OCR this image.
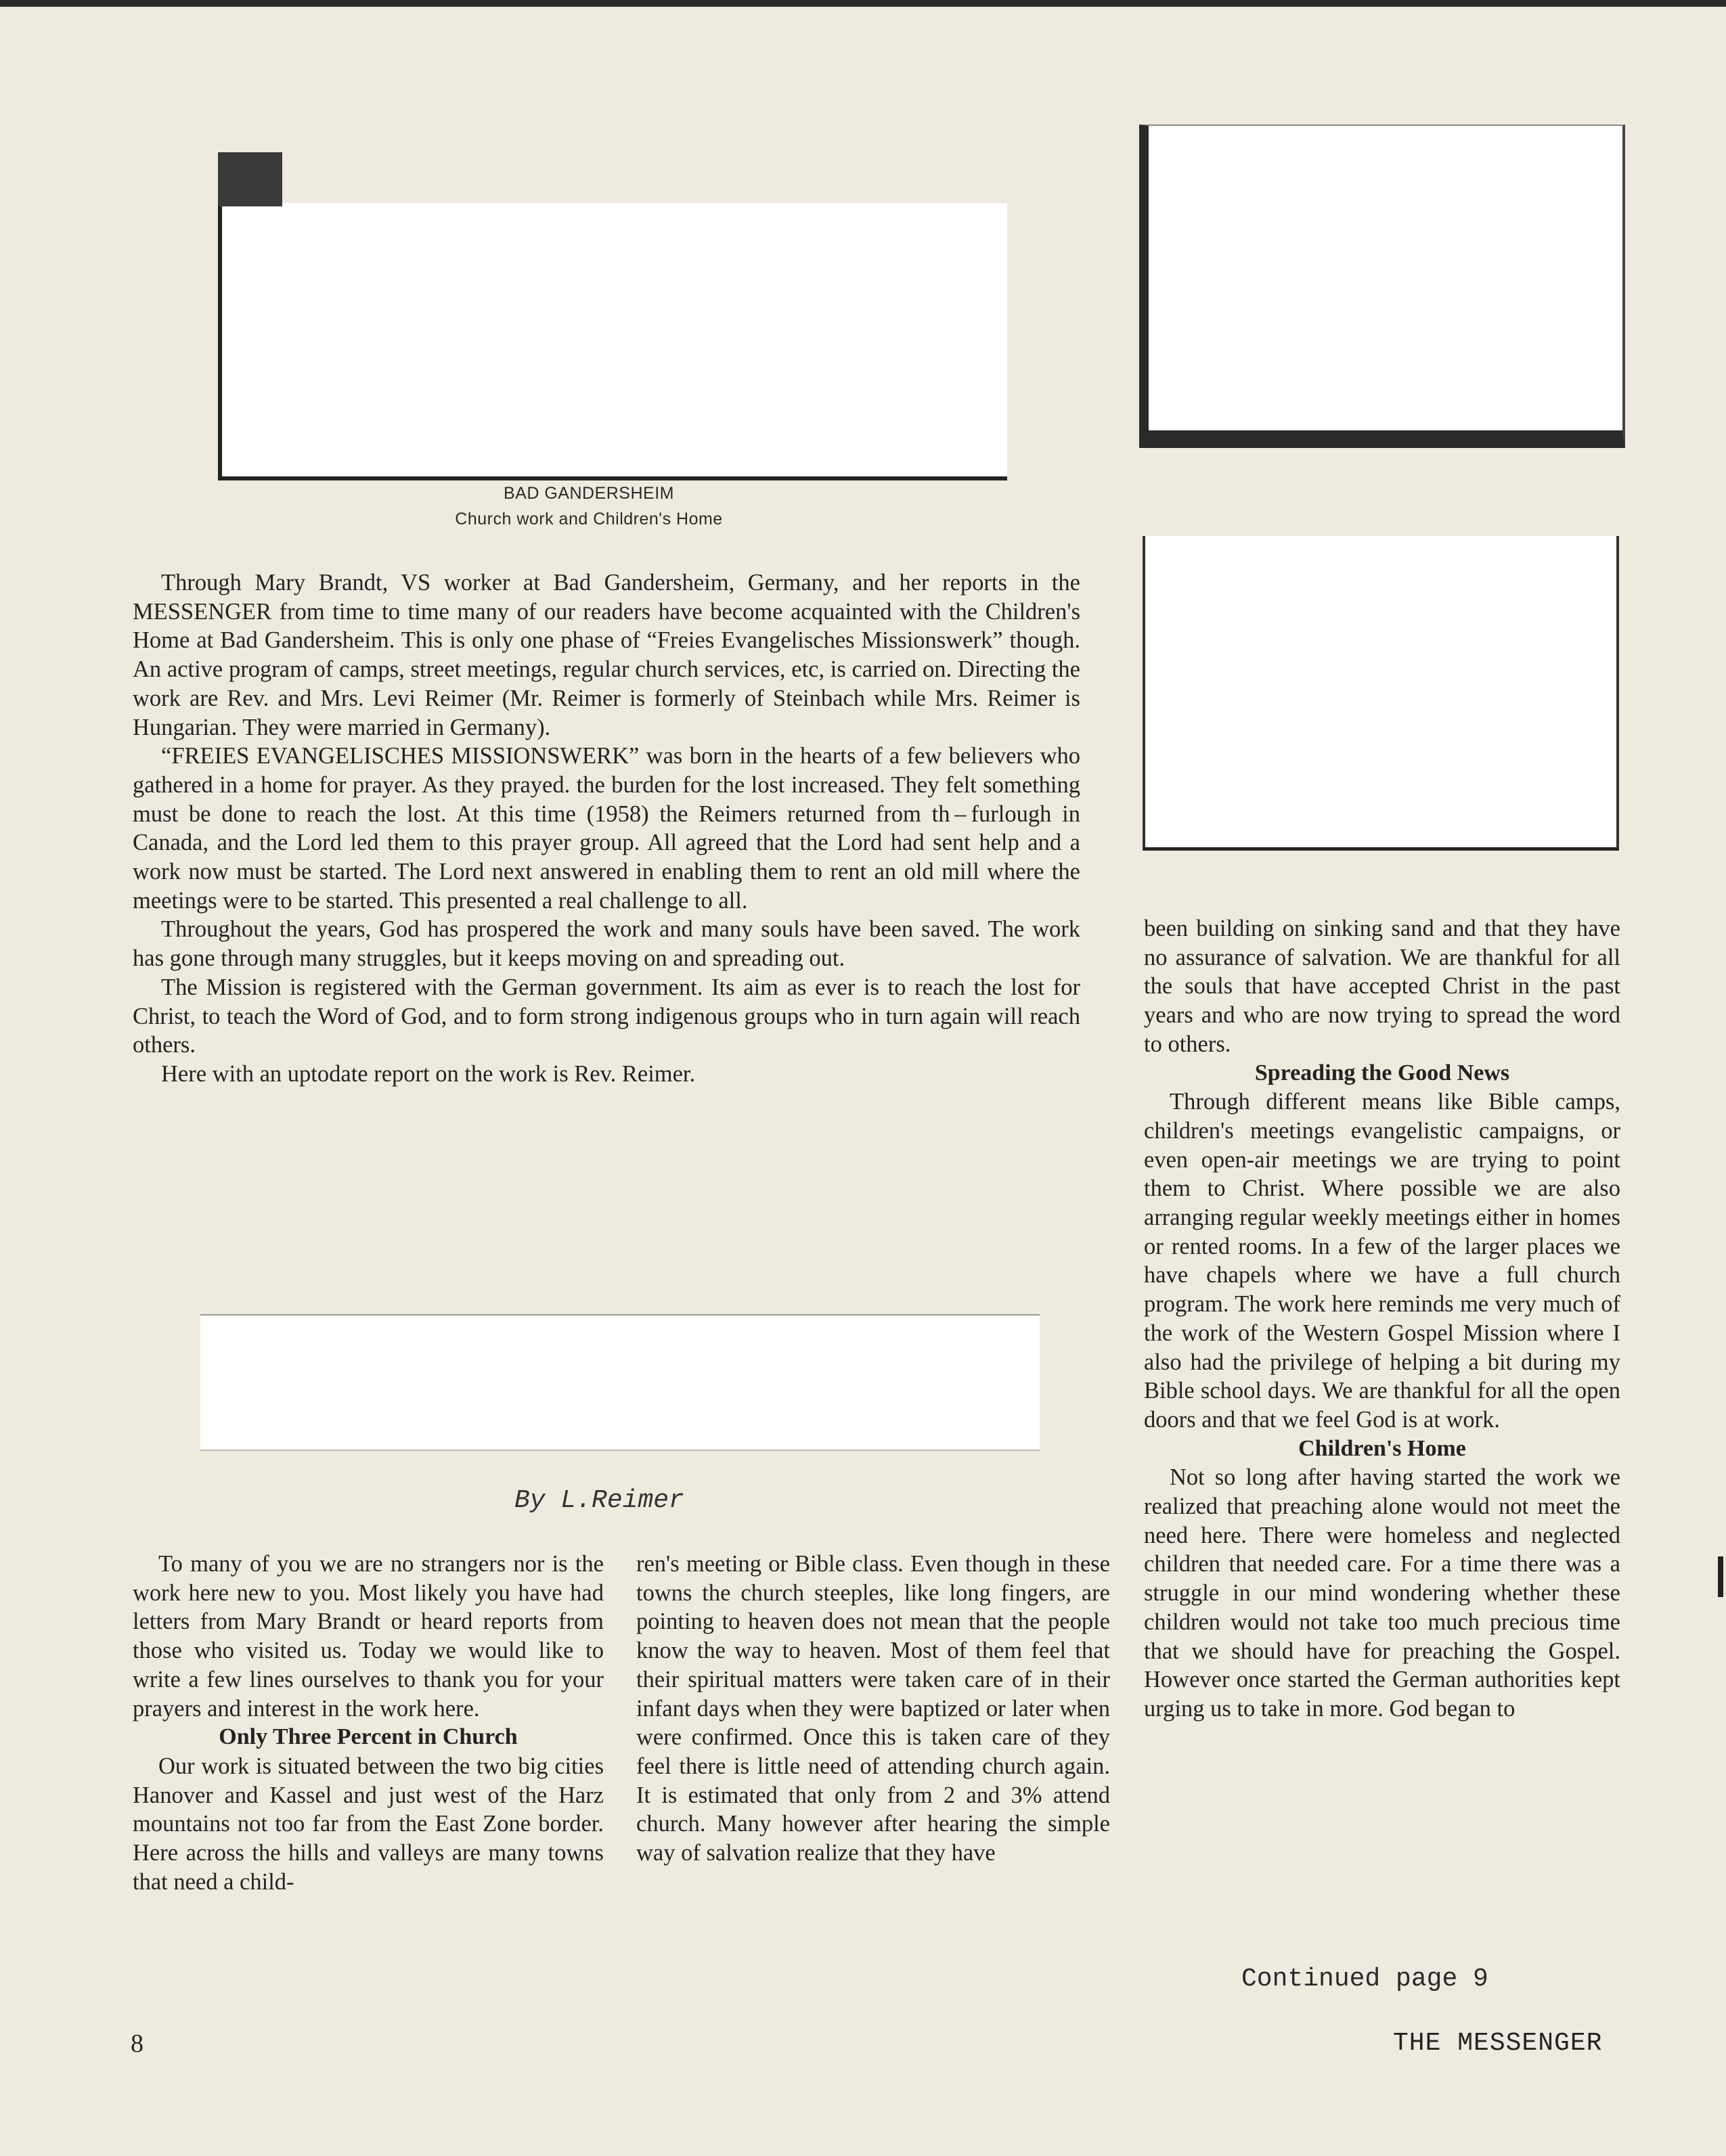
BAD GANDERSHEIM
Church work and Children's Home

Through Mary Brandt, VS worker at Bad Gandersheim, Germany, and her reports in the MESSENGER from time to time many of our readers have become acquainted with the Children's Home at Bad Gandersheim. This is only one phase of “Freies Evangelisches Missionswerk” though. An active program of camps, street meetings, regular church services, etc, is carried on. Directing the work are Rev. and Mrs. Levi Reimer (Mr. Reimer is formerly of Steinbach while Mrs. Reimer is Hungarian. They were married in Germany).

“FREIES EVANGELISCHES MISSIONSWERK” was born in the hearts of a few believers who gathered in a home for prayer. As they prayed. the burden for the lost increased. They felt something must be done to reach the lost. At this time (1958) the Reimers returned from th – furlough in Canada, and the Lord led them to this prayer group. All agreed that the Lord had sent help and a work now must be started. The Lord next answered in enabling them to rent an old mill where the meetings were to be started. This presented a real challenge to all.

Throughout the years, God has prospered the work and many souls have been saved. The work has gone through many struggles, but it keeps moving on and spreading out.

The Mission is registered with the German government. Its aim as ever is to reach the lost for Christ, to teach the Word of God, and to form strong indigenous groups who in turn again will reach others.

Here with an uptodate report on the work is Rev. Reimer.

By L.Reimer

To many of you we are no strangers nor is the work here new to you. Most likely you have had letters from Mary Brandt or heard reports from those who visited us. Today we would like to write a few lines ourselves to thank you for your prayers and interest in the work here.

Only Three Percent in Church

Our work is situated between the two big cities Hanover and Kassel and just west of the Harz mountains not too far from the East Zone border. Here across the hills and valleys are many towns that need a child-

ren's meeting or Bible class. Even though in these towns the church steeples, like long fingers, are pointing to heaven does not mean that the people know the way to heaven. Most of them feel that their spiritual matters were taken care of in their infant days when they were baptized or later when were confirmed. Once this is taken care of they feel there is little need of attending church again. It is estimated that only from 2 and 3% attend church. Many however after hearing the simple way of salvation realize that they have

been building on sinking sand and that they have no assurance of salvation. We are thankful for all the souls that have accepted Christ in the past years and who are now trying to spread the word to others.

Spreading the Good News

Through different means like Bible camps, children's meetings evangelistic campaigns, or even open-air meetings we are trying to point them to Christ. Where possible we are also arranging regular weekly meetings either in homes or rented rooms. In a few of the larger places we have chapels where we have a full church program. The work here reminds me very much of the work of the Western Gospel Mission where I also had the privilege of helping a bit during my Bible school days. We are thankful for all the open doors and that we feel God is at work.

Children's Home

Not so long after having started the work we realized that preaching alone would not meet the need here. There were homeless and neglected children that needed care. For a time there was a struggle in our mind wondering whether these children would not take too much precious time that we should have for preaching the Gospel. However once started the German authorities kept urging us to take in more. God began to

Continued page 9
8	THE MESSENGER
